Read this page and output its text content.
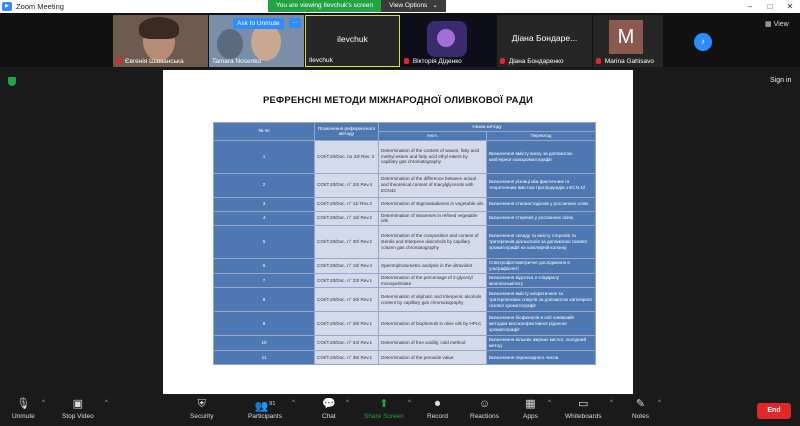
▶ Zoom Meeting	–	□	✕
You are viewing Ilevchuk's screen	View Options ⌄
Євгенія Шаманська
Ask to Unmute	···
Tamara Nosenko
ilevchuk
Ilevchuk	Вікторія Діденко
Діана Бондаре...
Діана Бондаренко
M
Marina Gahisavo
›
▦ View
Sign in
РЕФРЕНСНІ МЕТОДИ МІЖНАРОДНОЇ ОЛИВКОВОЇ РАДИ
№ пп	Позначення референсного методу	Назва методу	
		Англ.	Переклад
1	COI/T.20/Doc. no 33/ Rev. 3	Determination of the content of waxes, fatty acid methyl esters and fatty acid ethyl esters by capillary gas chromatography	Визначення вмісту воску за допомогою капілярної газохроматографії
2	COI/T.20/Doc. n° 20/ Rev.4	Determination of the difference between actual and theoretical content of triacylglycerols with ECN42	Визначення різниці між фактичним та теоретичним вмістом тригліцеридів з ECN 42
3	COI/T.20/Doc. n° 11/ Rev.3	Determination of stigmastadienes in vegetable oils	Визначення стигмастадієнів у рослинних оліях
4	COI/T.20/Doc. n° 16/ Rev.2	Determination of stearenes in refined vegetable oils	Визначення стеренів у рослинних оліях
5	COI/T.20/Doc. n° 30/ Rev.2	Determination of the composition and content of sterols and triterpene dialcohols by capillary column gas chromatography	Визначення складу та вмісту стеролів та тритерпенів діальоголів за допомогою газової хроматографії на капілярній колонці
6	COI/T.20/Doc. n° 19/ Rev.4	Spectrophotometric analysis in the ultraviolet	Спектрофотометричне дослідження в ультрафіолеті
7	COI/T.20/Doc. n° 23/ Rev.1	Determination of the percentage of 2-glyceryl monopalmitate	Визначення відсотка 2-гліцерилу монопальмітату
8	COI/T.20/Doc. n° 26/ Rev.2	Determination of aliphatic and triterpenic alcohols content by capillary gas chromatography	Визначення вмісту аліфатичних та тритерпенових спиртів за допомогою капілярної газової хроматографії
9	COI/T.20/Doc. n° 29/ Rev.1	Determination of biophenols in olive oils by HPLC	Визначення біофенолів в олії оливковій методом високоефективної рідинної хроматографії
10	COI/T.20/Doc. n° 34/ Rev.1	Determination of free acidity, cold method	Визначення вільних жирних кислот, холодний метод
11	COI/T.20/Doc. n° 35/ Rev.1	Determination of the peroxide value	Визначення пероксидного числа
🎙
Unmute
^	▣
Stop Video
^	⛨
Security
👥$^{91}$
Participants
^ 💬
Chat
^	⬆
Share Screen
^	⏺
Record
☺
Reactions
▦
Apps
^	▭
Whiteboards
^	✎
Notes
^
End
